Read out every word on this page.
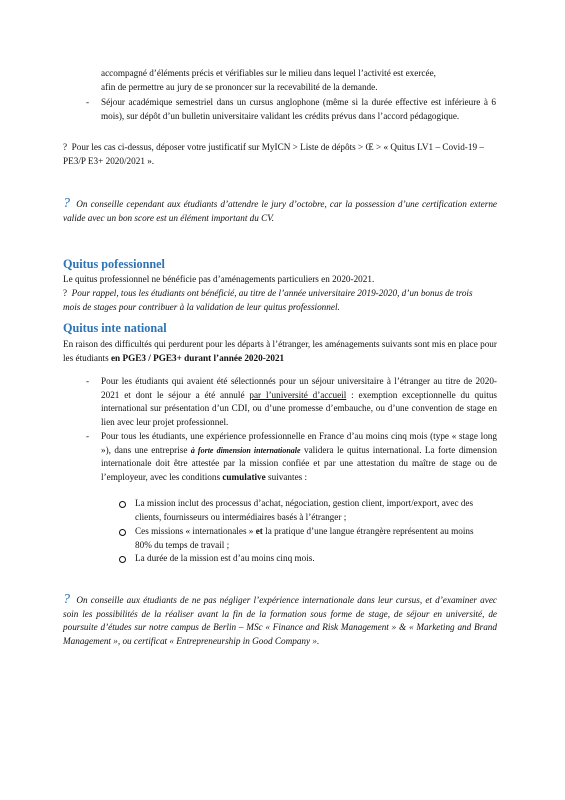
accompagné d’éléments précis et vérifiables sur le milieu dans lequel l’activité est exercée,

afin de permettre au jury de se prononcer sur la recevabilité de la demande.

- Séjour académique semestriel dans un cursus anglophone (même si la durée effective est inférieure à 6 mois), sur dépôt d’un bulletin universitaire validant les crédits prévus dans l’accord pédagogique.

? Pour les cas ci-dessus, déposer votre justificatif sur MyICN > Liste de dépôts > Œ > « Quitus LV1 – Covid-19 – PE3/P E3+ 2020/2021 ».

? On conseille cependant aux étudiants d’attendre le jury d’octobre, car la possession d’une certification externe valide avec un bon score est un élément important du CV.

Quitus pofessionnel

Le quitus professionnel ne bénéficie pas d’aménagements particuliers en 2020-2021.

? Pour rappel, tous les étudiants ont bénéficié, au titre de l’année universitaire 2019-2020, d’un bonus de trois mois de stages pour contribuer à la validation de leur quitus professionnel.

Quitus inte national

En raison des difficultés qui perdurent pour les départs à l’étranger, les aménagements suivants sont mis en place pour les étudiants en PGE3 / PGE3+ durant l’année 2020-2021

- Pour les étudiants qui avaient été sélectionnés pour un séjour universitaire à l’étranger au titre de 2020-2021 et dont le séjour a été annulé par l’université d’accueil : exemption exceptionnelle du quitus international sur présentation d’un CDI, ou d’une promesse d’embauche, ou d’une convention de stage en lien avec leur projet professionnel.

- Pour tous les étudiants, une expérience professionnelle en France d’au moins cinq mois (type « stage long »), dans une entreprise à forte dimension internationale validera le quitus international. La forte dimension internationale doit être attestée par la mission confiée et par une attestation du maître de stage ou de l’employeur, avec les conditions cumulative suivantes :

La mission inclut des processus d’achat, négociation, gestion client, import/export, avec des clients, fournisseurs ou intermédiaires basés à l’étranger ;

Ces missions « internationales » et la pratique d’une langue étrangère représentent au moins 80% du temps de travail ;

La durée de la mission est d’au moins cinq mois.

? On conseille aux étudiants de ne pas négliger l’expérience internationale dans leur cursus, et d’examiner avec soin les possibilités de la réaliser avant la fin de la formation sous forme de stage, de séjour en université, de poursuite d’études sur notre campus de Berlin – MSc « Finance and Risk Management » & « Marketing and Brand Management », ou certificat « Entrepreneurship in Good Company ».
